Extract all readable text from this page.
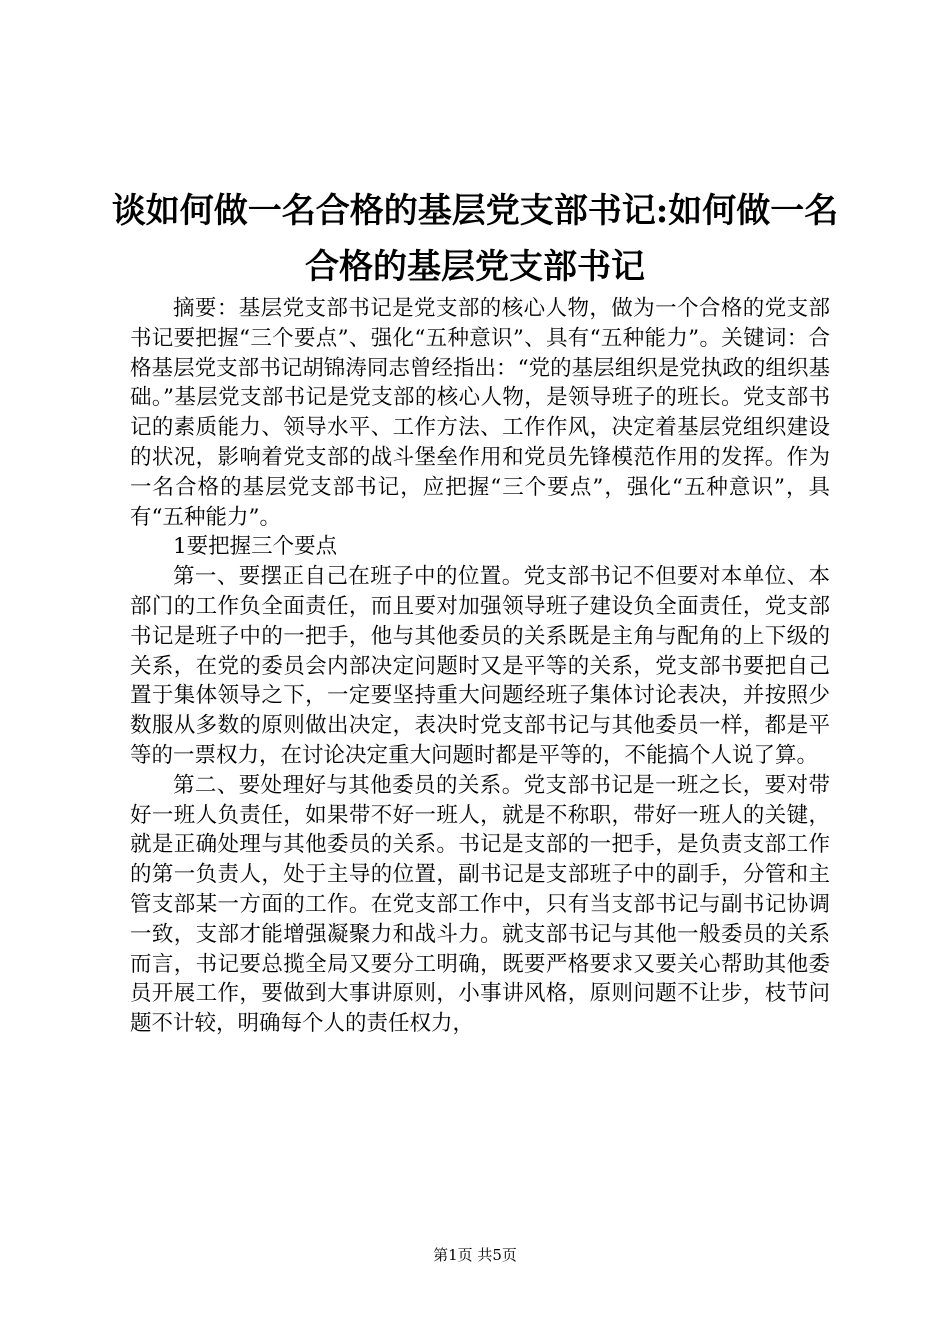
谈如何做一名合格的基层党支部书记:如何做一名合格的基层党支部书记

摘要：基层党支部书记是党支部的核心人物，做为一个合格的党支部书记要把握“三个要点”、强化“五种意识”、具有“五种能力”。关键词：合格基层党支部书记胡锦涛同志曾经指出：“党的基层组织是党执政的组织基础。”基层党支部书记是党支部的核心人物，是领导班子的班长。党支部书记的素质能力、领导水平、工作方法、工作作风，决定着基层党组织建设的状况，影响着党支部的战斗堡垒作用和党员先锋模范作用的发挥。作为一名合格的基层党支部书记，应把握“三个要点”，强化“五种意识”，具有“五种能力”。

1要把握三个要点

第一、要摆正自己在班子中的位置。党支部书记不但要对本单位、本部门的工作负全面责任，而且要对加强领导班子建设负全面责任，党支部书记是班子中的一把手，他与其他委员的关系既是主角与配角的上下级的关系，在党的委员会内部决定问题时又是平等的关系，党支部书要把自己置于集体领导之下，一定要坚持重大问题经班子集体讨论表决，并按照少数服从多数的原则做出决定，表决时党支部书记与其他委员一样，都是平等的一票权力，在讨论决定重大问题时都是平等的，不能搞个人说了算。

第二、要处理好与其他委员的关系。党支部书记是一班之长，要对带好一班人负责任，如果带不好一班人，就是不称职，带好一班人的关键，就是正确处理与其他委员的关系。书记是支部的一把手，是负责支部工作的第一负责人，处于主导的位置，副书记是支部班子中的副手，分管和主管支部某一方面的工作。在党支部工作中，只有当支部书记与副书记协调一致，支部才能增强凝聚力和战斗力。就支部书记与其他一般委员的关系而言，书记要总揽全局又要分工明确，既要严格要求又要关心帮助其他委员开展工作，要做到大事讲原则，小事讲风格，原则问题不让步，枝节问题不计较，明确每个人的责任权力，

第1页 共5页
